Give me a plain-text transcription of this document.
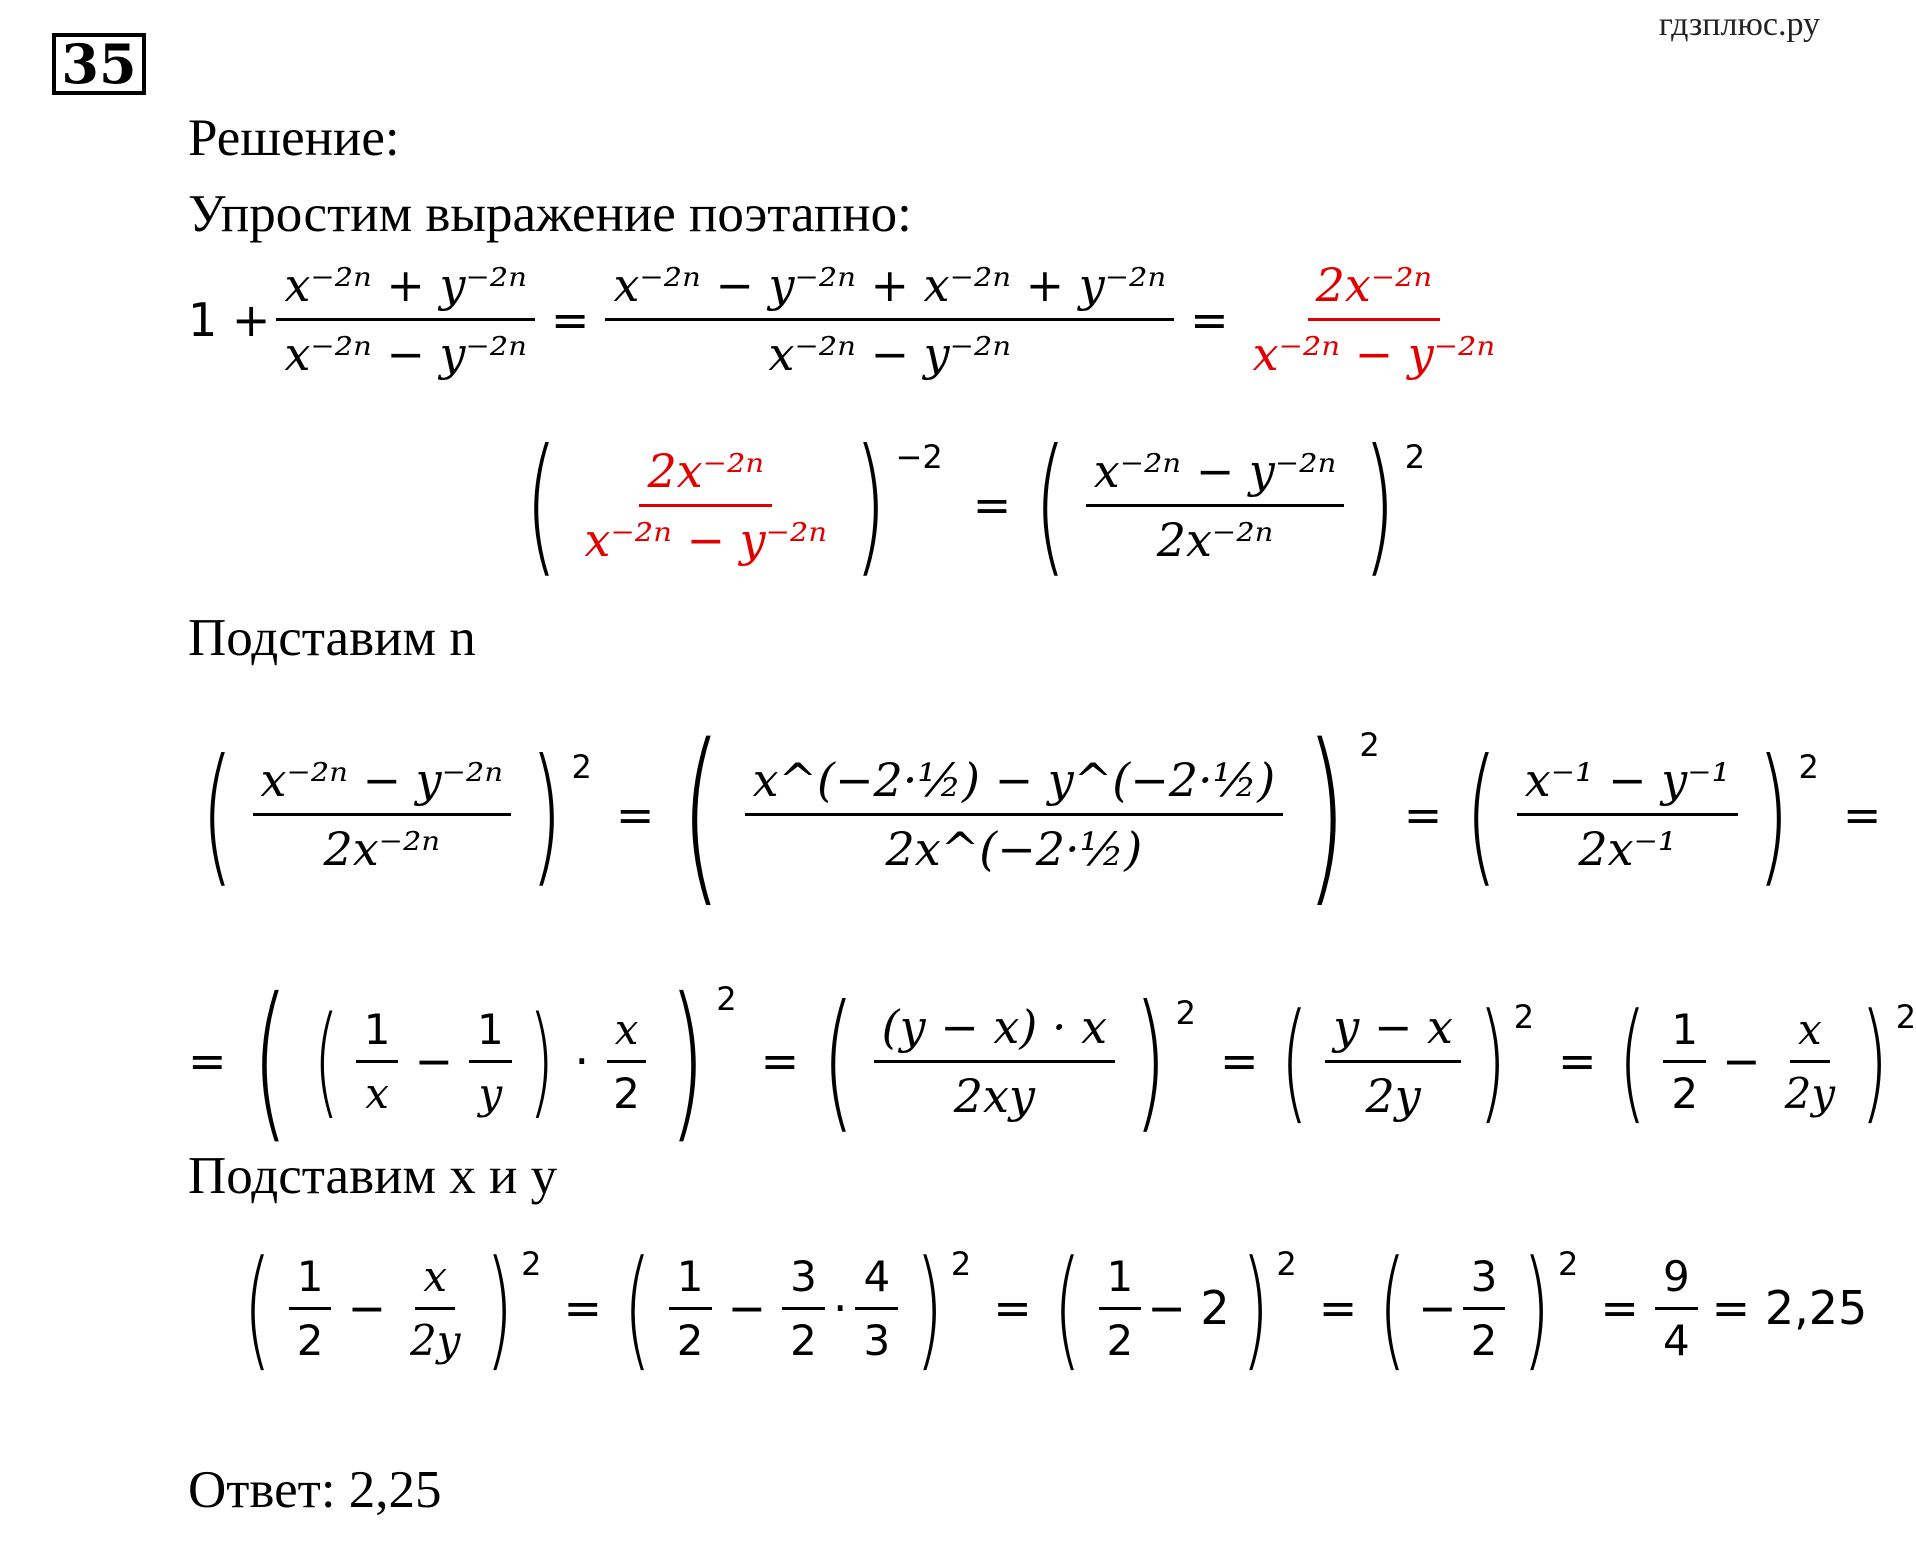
35
гдзплюс.ру
Решение:
Упростим выражение поэтапно:
$1 + \frac{\text{x⁻²ⁿ + y⁻²ⁿ}}{\text{x⁻²ⁿ − y⁻²ⁿ}} = \frac{\text{x⁻²ⁿ − y⁻²ⁿ + x⁻²ⁿ + y⁻²ⁿ}}{\text{x⁻²ⁿ − y⁻²ⁿ}} = \frac{\text{2x⁻²ⁿ}}{\text{x⁻²ⁿ − y⁻²ⁿ}}$
( $\frac{\text{2x⁻²ⁿ}}{\text{x⁻²ⁿ − y⁻²ⁿ}}$ ) −2
= ( $\frac{\text{x⁻²ⁿ − y⁻²ⁿ}}{\text{2x⁻²ⁿ}}$ ) 2
Подставим n
( $\frac{\text{x⁻²ⁿ − y⁻²ⁿ}}{\text{2x⁻²ⁿ}}$ ) 2
= ( $\frac{\text{x\textasciicircum{}(−2·½) − y\textasciicircum{}(−2·½)}}{\text{2x\textasciicircum{}(−2·½)}}$ ) 2
= ( $\frac{\text{x⁻¹ − y⁻¹}}{\text{2x⁻¹}}$ ) 2
=
= ( ( $\frac{1}{x} - \frac{1}{y}$ ) · $\frac{x}{2}$ ) 2
= ( $\frac{(y - x) \cdot x}{2xy}$ ) 2
= ( $\frac{y - x}{2y}$ ) 2
= ( $\frac{1}{2} - \frac{x}{2y}$ ) 2
Подставим x и y
( $\frac{1}{2} - \frac{x}{2y}$ ) 2
= ( $\frac{1}{2} - \frac{3}{2} \cdot \frac{4}{3}$ ) 2
= ( $\frac{1}{2} - 2$ ) 2
= ( − $\frac{3}{2}$ ) 2
= $\frac{9}{4} = 2,25$
Ответ: 2,25
